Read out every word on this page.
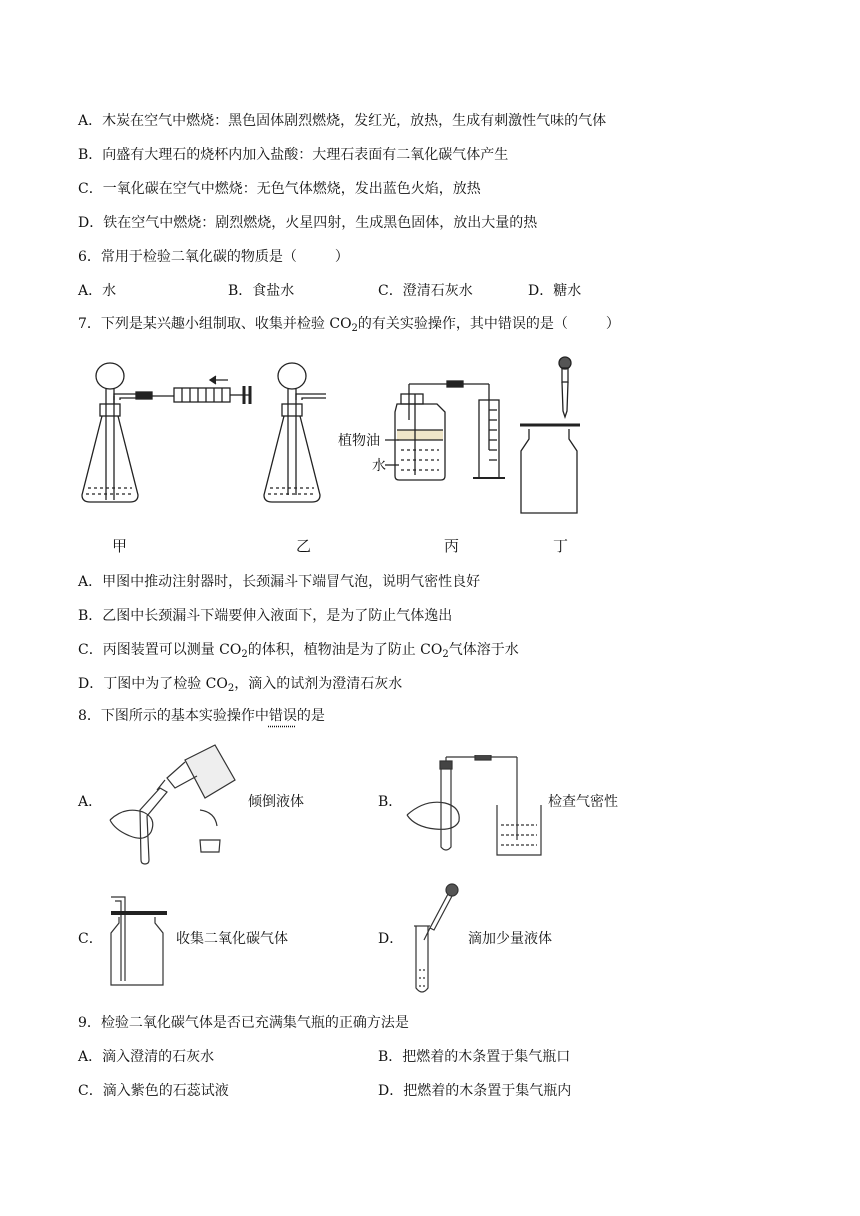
A．木炭在空气中燃烧：黑色固体剧烈燃烧，发红光，放热，生成有刺激性气味的气体
B．向盛有大理石的烧杯内加入盐酸：大理石表面有二氧化碳气体产生
C．一氧化碳在空气中燃烧：无色气体燃烧，发出蓝色火焰，放热
D．铁在空气中燃烧：剧烈燃烧，火星四射，生成黑色固体，放出大量的热
6．常用于检验二氧化碳的物质是（	）
A．水	B．食盐水	C．澄清石灰水	D．糖水
7．下列是某兴趣小组制取、收集并检验 $CO_2$的有关实验操作，其中错误的是（	）
甲	乙
植物油
水
丙	丁
A．甲图中推动注射器时，长颈漏斗下端冒气泡，说明气密性良好
B．乙图中长颈漏斗下端要伸入液面下，是为了防止气体逸出
C．丙图装置可以测量 $CO_2$的体积，植物油是为了防止 $CO_2$气体溶于水
D．丁图中为了检验 $CO_2$，滴入的试剂为澄清石灰水
8．下图所示的基本实验操作中错误的是
A．	倾倒液体	B．	检查气密性
C．	收集二氧化碳气体	D．	滴加少量液体
9．检验二氧化碳气体是否已充满集气瓶的正确方法是
A．滴入澄清的石灰水	B．把燃着的木条置于集气瓶口
C．滴入紫色的石蕊试液	D．把燃着的木条置于集气瓶内
